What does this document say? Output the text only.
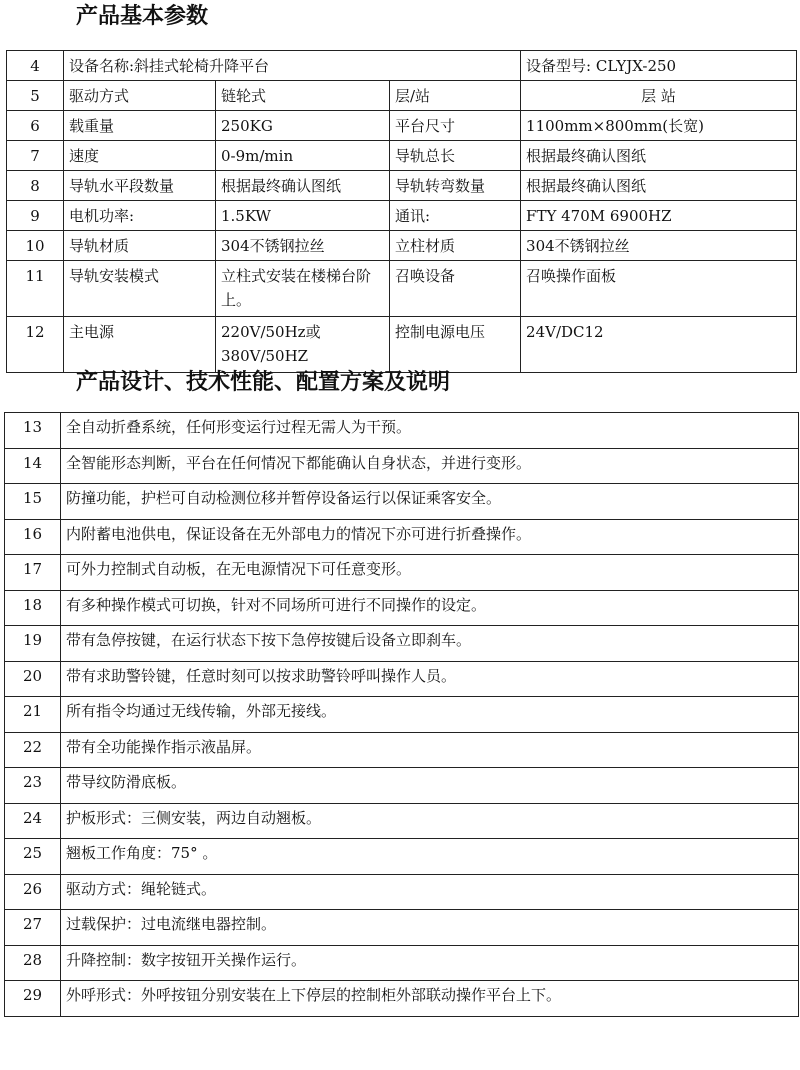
产品基本参数
4	设备名称:斜挂式轮椅升降平台			设备型号: CLYJX-250
5	驱动方式	链轮式	层/站	层 站
6	载重量	250KG	平台尺寸	1100mm×800mm(长宽)
7	速度	0-9m/min	导轨总长	根据最终确认图纸
8	导轨水平段数量	根据最终确认图纸	导轨转弯数量	根据最终确认图纸
9	电机功率:	1.5KW	通讯:	FTY 470M 6900HZ
10	导轨材质	304不锈钢拉丝	立柱材质	304不锈钢拉丝
11	导轨安装模式	立柱式安装在楼梯台阶上。	召唤设备	召唤操作面板
12	主电源	220V/50Hz或380V/50HZ	控制电源电压	24V/DC12
产品设计、技术性能、配置方案及说明
13	全自动折叠系统，任何形变运行过程无需人为干预。
14	全智能形态判断，平台在任何情况下都能确认自身状态，并进行变形。
15	防撞功能，护栏可自动检测位移并暂停设备运行以保证乘客安全。
16	内附蓄电池供电，保证设备在无外部电力的情况下亦可进行折叠操作。
17	可外力控制式自动板，在无电源情况下可任意变形。
18	有多种操作模式可切换，针对不同场所可进行不同操作的设定。
19	带有急停按键，在运行状态下按下急停按键后设备立即刹车。
20	带有求助警铃键，任意时刻可以按求助警铃呼叫操作人员。
21	所有指令均通过无线传输，外部无接线。
22	带有全功能操作指示液晶屏。
23	带导纹防滑底板。
24	护板形式：三侧安装，两边自动翘板。
25	翘板工作角度：75° 。
26	驱动方式：绳轮链式。
27	过载保护：过电流继电器控制。
28	升降控制：数字按钮开关操作运行。
29	外呼形式：外呼按钮分别安装在上下停层的控制柜外部联动操作平台上下。
